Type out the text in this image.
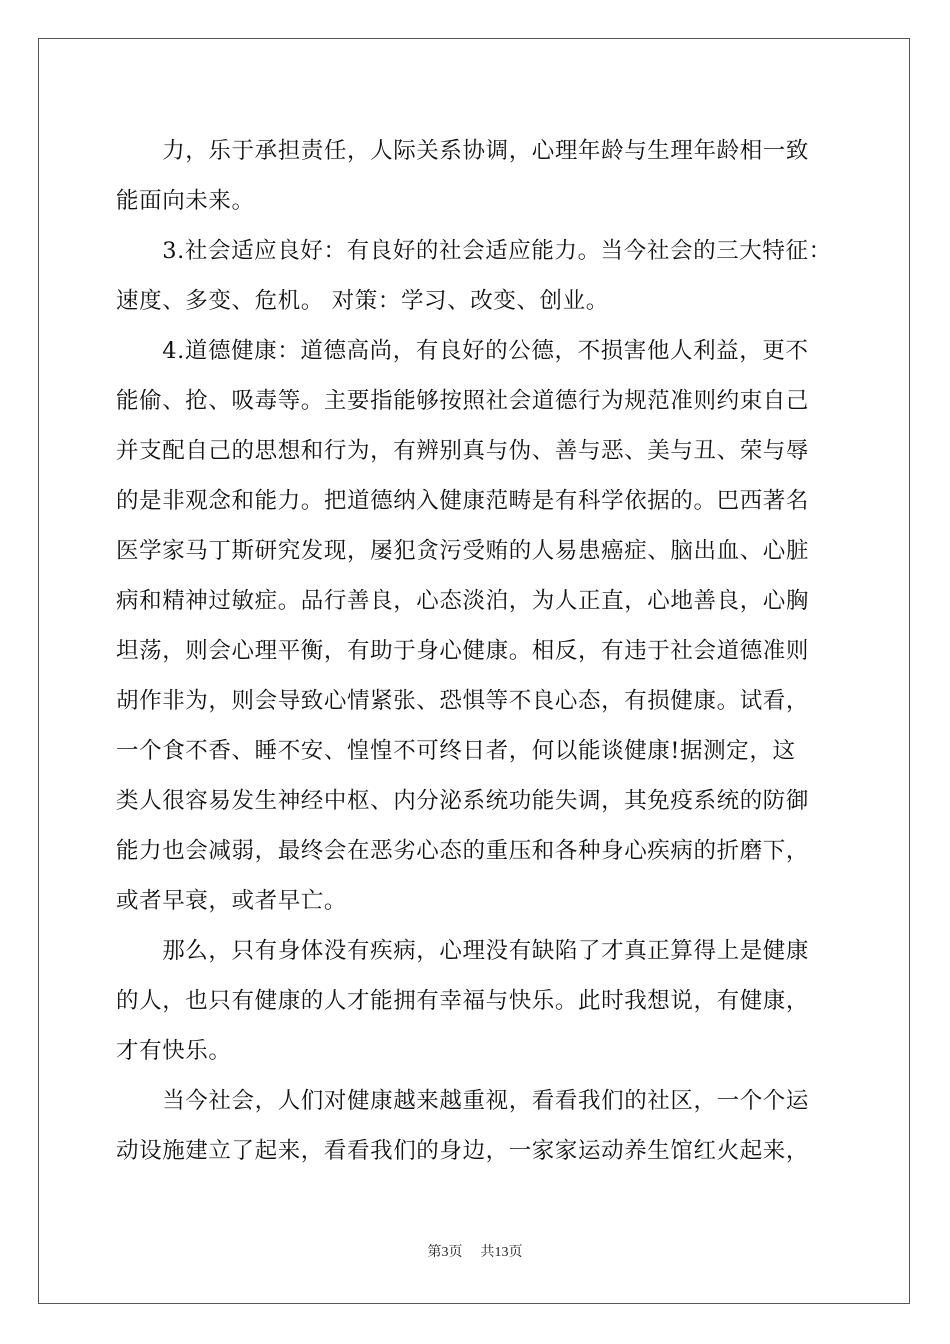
　　力，乐于承担责任，人际关系协调，心理年龄与生理年龄相一致
能面向未来。
　　3.社会适应良好：有良好的社会适应能力。当今社会的三大特征：
速度、多变、危机。 对策：学习、改变、创业。
　　4.道德健康：道德高尚，有良好的公德，不损害他人利益，更不
能偷、抢、吸毒等。主要指能够按照社会道德行为规范准则约束自己
并支配自己的思想和行为，有辨别真与伪、善与恶、美与丑、荣与辱
的是非观念和能力。把道德纳入健康范畴是有科学依据的。巴西著名
医学家马丁斯研究发现，屡犯贪污受贿的人易患癌症、脑出血、心脏
病和精神过敏症。品行善良，心态淡泊，为人正直，心地善良，心胸
坦荡，则会心理平衡，有助于身心健康。相反，有违于社会道德准则
胡作非为，则会导致心情紧张、恐惧等不良心态，有损健康。试看，
一个食不香、睡不安、惶惶不可终日者，何以能谈健康!据测定，这
类人很容易发生神经中枢、内分泌系统功能失调，其免疫系统的防御
能力也会减弱，最终会在恶劣心态的重压和各种身心疾病的折磨下，
或者早衰，或者早亡。
　　那么，只有身体没有疾病，心理没有缺陷了才真正算得上是健康
的人，也只有健康的人才能拥有幸福与快乐。此时我想说，有健康，
才有快乐。
　　当今社会，人们对健康越来越重视，看看我们的社区，一个个运
动设施建立了起来，看看我们的身边，一家家运动养生馆红火起来，
第3页 共13页
